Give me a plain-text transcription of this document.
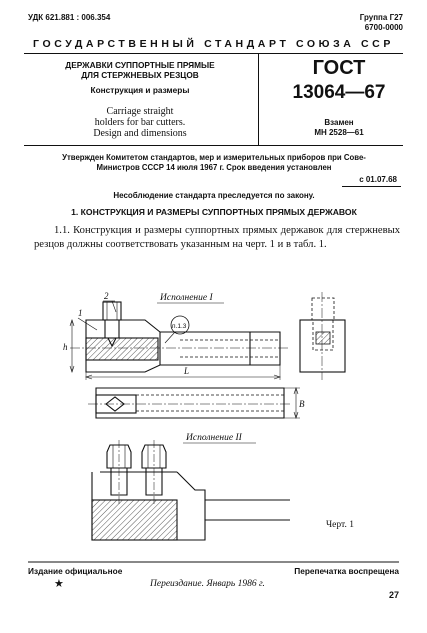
УДК 621.881 : 006.354	Группа Г27
6700-0000
ГОСУДАРСТВЕННЫЙ СТАНДАРТ СОЮЗА ССР
ДЕРЖАВКИ СУППОРТНЫЕ ПРЯМЫЕ
ДЛЯ СТЕРЖНЕВЫХ РЕЗЦОВ
Конструкция и размеры
Carriage straight
holders for bar cutters.
Design and dimensions
ГОСТ
13064—67
Взамен
МН 2528—61
Утвержден Комитетом стандартов, мер и измерительных приборов при Сове-
Министров СССР 14 июля 1967 г. Срок введения установлен
с 01.07.68
Несоблюдение стандарта преследуется по закону.
1. КОНСТРУКЦИЯ И РАЗМЕРЫ СУППОРТНЫХ ПРЯМЫХ ДЕРЖАВОК
1.1. Конструкция и размеры суппортных прямых державок для стержневых резцов должны соответствовать указанным на черт. 1 и в табл. 1.
Исполнение I
2
1
п.1.3
h
L
B
Исполнение II
Черт. 1
Издание официальное	Перепечатка воспрещена
★	Переиздание. Январь 1986 г.
27
